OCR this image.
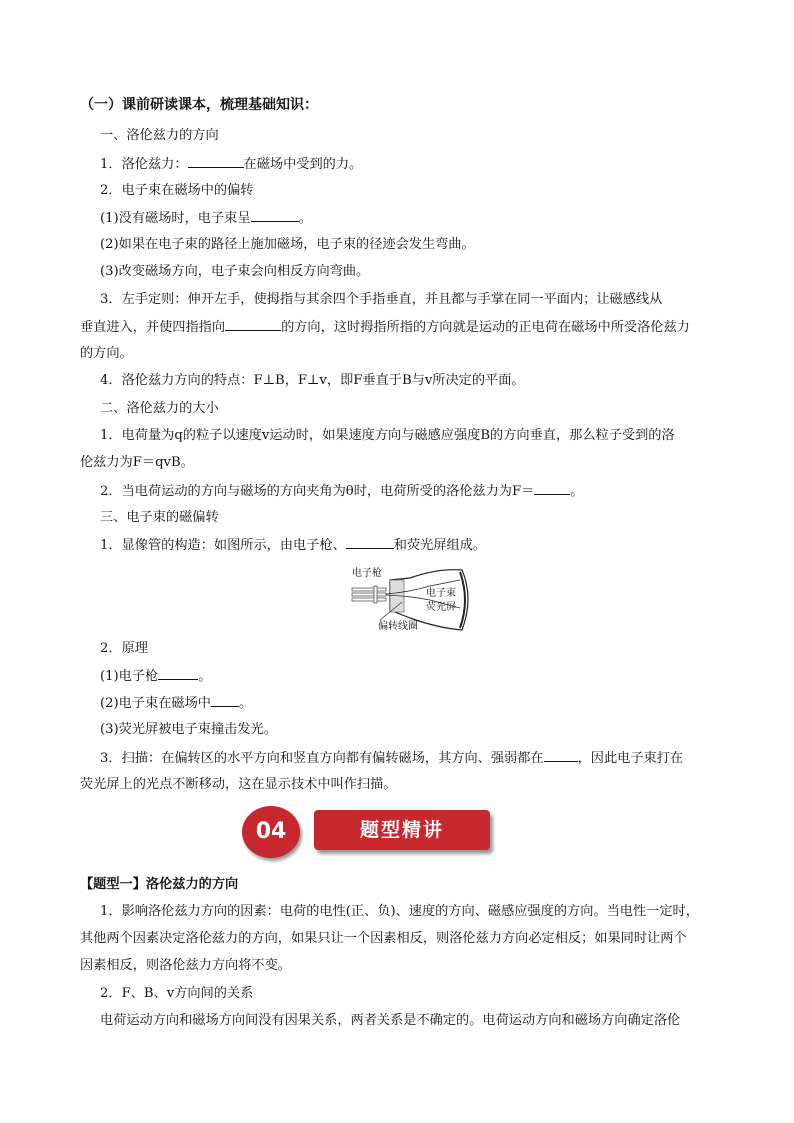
（一）课前研读课本，梳理基础知识：
一、洛伦兹力的方向
1．洛伦兹力：	在磁场中受到的力。
2．电子束在磁场中的偏转
(1)没有磁场时，电子束呈	。
(2)如果在电子束的路径上施加磁场，电子束的径迹会发生弯曲。
(3)改变磁场方向，电子束会向相反方向弯曲。
3．左手定则：伸开左手，使拇指与其余四个手指垂直，并且都与手掌在同一平面内；让磁感线从
垂直进入，并使四指指向	的方向，这时拇指所指的方向就是运动的正电荷在磁场中所受洛伦兹力
的方向。
4．洛伦兹力方向的特点：F⊥B，F⊥v，即F垂直于B与v所决定的平面。
二、洛伦兹力的大小
1．电荷量为q的粒子以速度v运动时，如果速度方向与磁感应强度B的方向垂直，那么粒子受到的洛
伦兹力为F＝qvB。
2．当电荷运动的方向与磁场的方向夹角为θ时，电荷所受的洛伦兹力为F＝	。
三、电子束的磁偏转
1．显像管的构造：如图所示，由电子枪、	和荧光屏组成。
电子枪
电子束
荧光屏
偏转线圈
2．原理
(1)电子枪	。
(2)电子束在磁场中 。
(3)荧光屏被电子束撞击发光。
3．扫描：在偏转区的水平方向和竖直方向都有偏转磁场，其方向、强弱都在	，因此电子束打在
荧光屏上的光点不断移动，这在显示技术中叫作扫描。
04	题型精讲
【题型一】洛伦兹力的方向
1．影响洛伦兹力方向的因素：电荷的电性(正、负)、速度的方向、磁感应强度的方向。当电性一定时，
其他两个因素决定洛伦兹力的方向，如果只让一个因素相反，则洛伦兹力方向必定相反；如果同时让两个
因素相反，则洛伦兹力方向将不变。
2．F、B、v方向间的关系
电荷运动方向和磁场方向间没有因果关系，两者关系是不确定的。电荷运动方向和磁场方向确定洛伦
